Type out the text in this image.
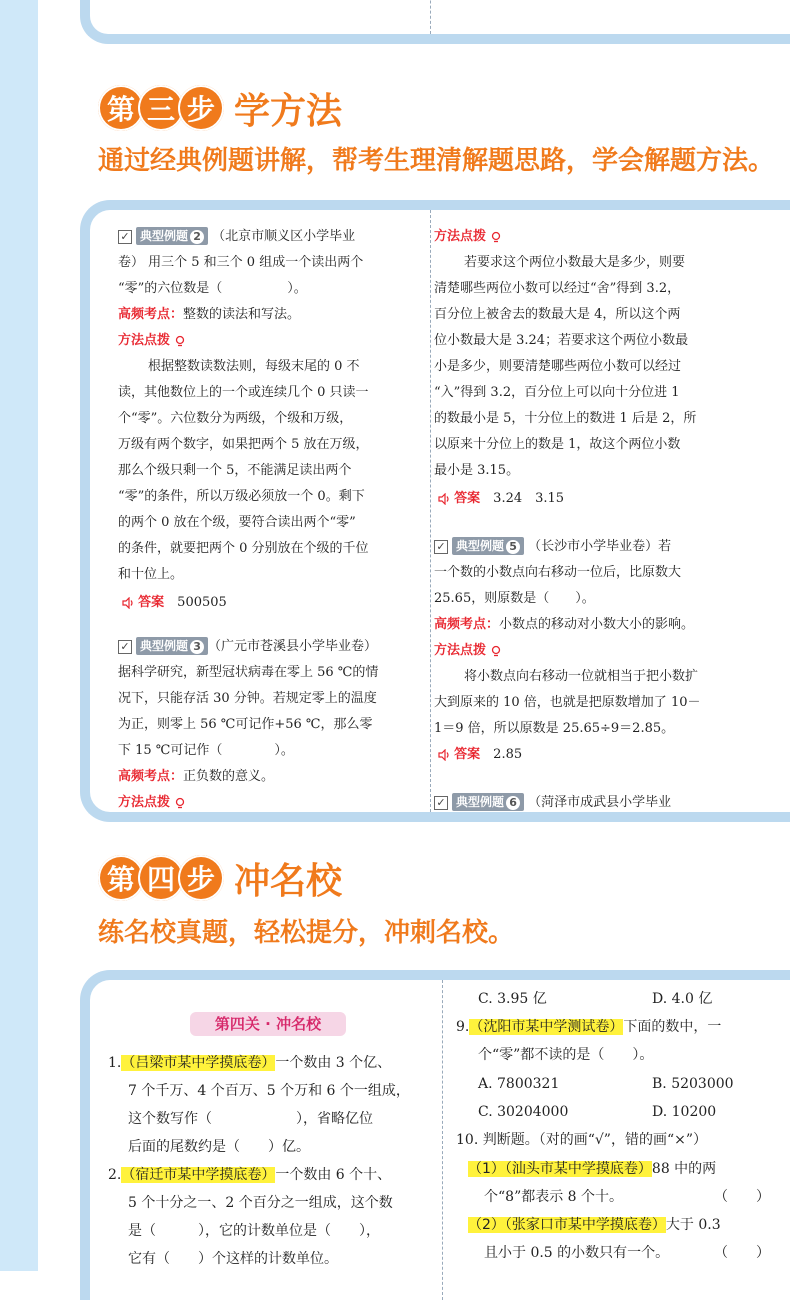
第 三 步 学方法
通过经典例题讲解，帮考生理清解题思路，学会解题方法。
✓ 典型例题 2 （北京市顺义区小学毕业
卷） 用三个 5 和三个 0 组成一个读出两个
“零”的六位数是（　　　　　）。
高频考点：整数的读法和写法。
方法点拨
根据整数读数法则，每级末尾的 0 不
读，其他数位上的一个或连续几个 0 只读一
个“零”。六位数分为两级，个级和万级，
万级有两个数字，如果把两个 5 放在万级，
那么个级只剩一个 5，不能满足读出两个
“零”的条件，所以万级必须放一个 0。剩下
的两个 0 放在个级，要符合读出两个“零”
的条件，就要把两个 0 分别放在个级的千位
和十位上。
答案　 500505
✓ 典型例题 3 （广元市苍溪县小学毕业卷）
据科学研究，新型冠状病毒在零上 56 ℃的情
况下，只能存活 30 分钟。若规定零上的温度
为正，则零上 56 ℃可记作+56 ℃，那么零
下 15 ℃可记作（　　　　）。
高频考点：正负数的意义。
方法点拨
方法点拨
若要求这个两位小数最大是多少，则要
清楚哪些两位小数可以经过“舍”得到 3.2，
百分位上被舍去的数最大是 4，所以这个两
位小数最大是 3.24；若要求这个两位小数最
小是多少，则要清楚哪些两位小数可以经过
“入”得到 3.2，百分位上可以向十分位进 1
的数最小是 5，十分位上的数进 1 后是 2，所
以原来十分位上的数是 1，故这个两位小数
最小是 3.15。
答案　 3.24　3.15
✓ 典型例题 5 （长沙市小学毕业卷）若
一个数的小数点向右移动一位后，比原数大
25.65，则原数是（　　）。
高频考点：小数点的移动对小数大小的影响。
方法点拨
将小数点向右移动一位就相当于把小数扩
大到原来的 10 倍，也就是把原数增加了 10－
1＝9 倍，所以原数是 25.65÷9＝2.85。
答案　 2.85
✓ 典型例题 6 （菏泽市成武县小学毕业
第 四 步 冲名校
练名校真题，轻松提分，冲刺名校。
第四关 · 冲名校
1.（吕梁市某中学摸底卷）一个数由 3 个亿、
7 个千万、4 个百万、5 个万和 6 个一组成，
这个数写作（　　　　　　），省略亿位
后面的尾数约是（　　）亿。
2.（宿迁市某中学摸底卷）一个数由 6 个十、
5 个十分之一、2 个百分之一组成，这个数
是（　　　），它的计数单位是（　　），
它有（　　）个这样的计数单位。
C. 3.95 亿	D. 4.0 亿
9.（沈阳市某中学测试卷）下面的数中，一
个“零”都不读的是（　　）。
A. 7800321	B. 5203000
C. 30204000	D. 10200
10. 判断题。（对的画“√”，错的画“×”）
（1）（汕头市某中学摸底卷）88 中的两
个“8”都表示 8 个十。	（　　）
（2）（张家口市某中学摸底卷）大于 0.3
且小于 0.5 的小数只有一个。	（　　）
